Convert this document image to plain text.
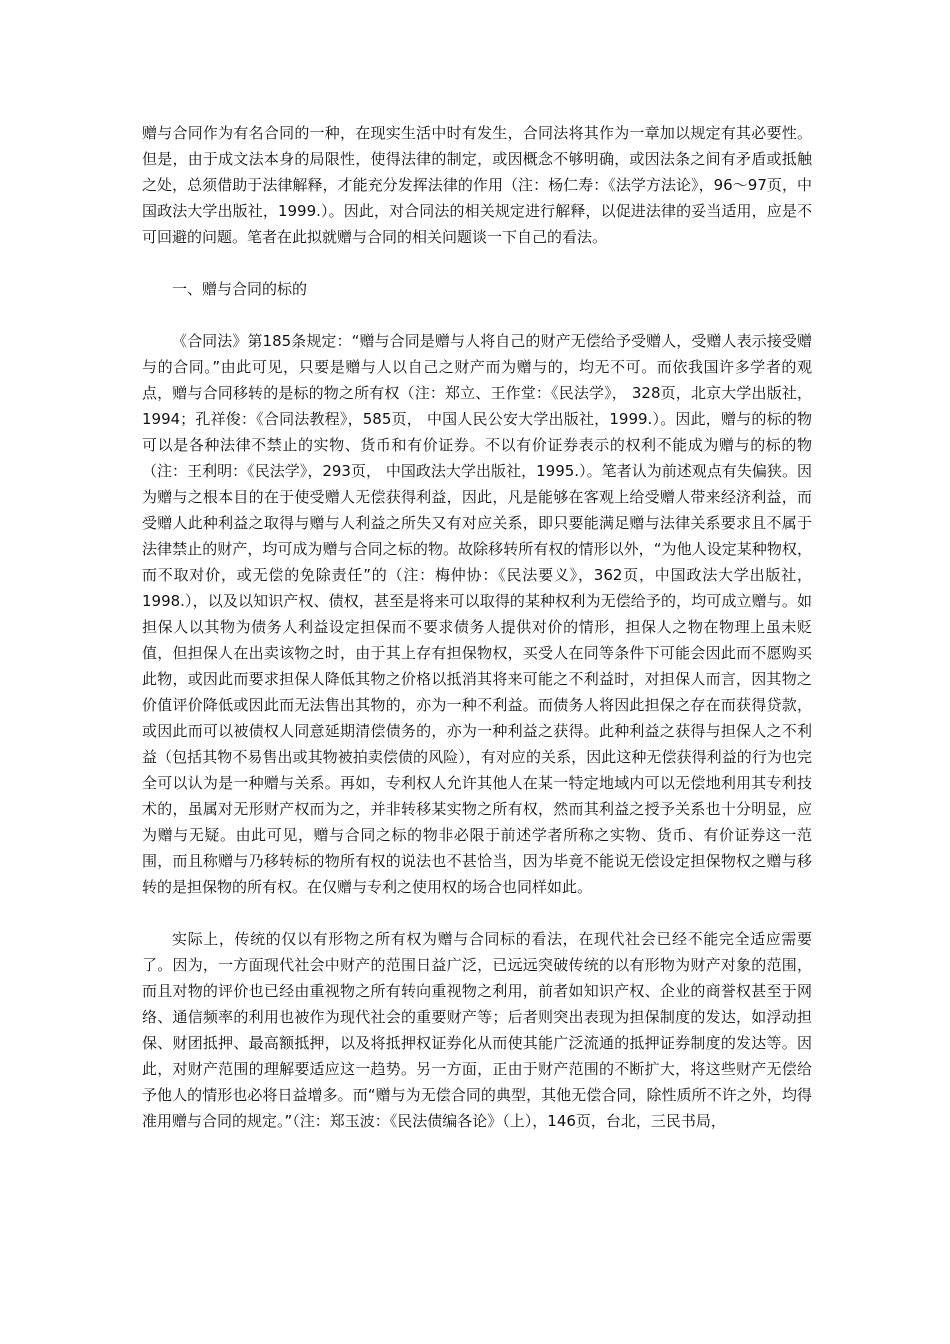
赠与合同作为有名合同的一种，在现实生活中时有发生，合同法将其作为一章加以规定有其必要性。但是，由于成文法本身的局限性，使得法律的制定，或因概念不够明确，或因法条之间有矛盾或抵触之处，总须借助于法律解释，才能充分发挥法律的作用（注：杨仁寿：《法学方法论》，96～97页，中国政法大学出版社，1999.）。因此，对合同法的相关规定进行解释，以促进法律的妥当适用，应是不可回避的问题。笔者在此拟就赠与合同的相关问题谈一下自己的看法。

一、赠与合同的标的

《合同法》第185条规定：“赠与合同是赠与人将自己的财产无偿给予受赠人，受赠人表示接受赠与的合同。”由此可见，只要是赠与人以自己之财产而为赠与的，均无不可。而依我国许多学者的观点，赠与合同移转的是标的物之所有权（注：郑立、王作堂：《民法学》， 328页，北京大学出版社，1994；孔祥俊：《合同法教程》，585页， 中国人民公安大学出版社，1999.）。因此，赠与的标的物可以是各种法律不禁止的实物、货币和有价证券。不以有价证券表示的权利不能成为赠与的标的物（注：王利明：《民法学》，293页， 中国政法大学出版社，1995.）。笔者认为前述观点有失偏狭。因为赠与之根本目的在于使受赠人无偿获得利益，因此，凡是能够在客观上给受赠人带来经济利益，而受赠人此种利益之取得与赠与人利益之所失又有对应关系，即只要能满足赠与法律关系要求且不属于法律禁止的财产，均可成为赠与合同之标的物。故除移转所有权的情形以外，“为他人设定某种物权，而不取对价，或无偿的免除责任”的（注：梅仲协：《民法要义》，362页，中国政法大学出版社，1998.），以及以知识产权、债权，甚至是将来可以取得的某种权利为无偿给予的，均可成立赠与。如担保人以其物为债务人利益设定担保而不要求债务人提供对价的情形，担保人之物在物理上虽未贬值，但担保人在出卖该物之时，由于其上存有担保物权，买受人在同等条件下可能会因此而不愿购买此物，或因此而要求担保人降低其物之价格以抵消其将来可能之不利益时，对担保人而言，因其物之价值评价降低或因此而无法售出其物的，亦为一种不利益。而债务人将因此担保之存在而获得贷款，或因此而可以被债权人同意延期清偿债务的，亦为一种利益之获得。此种利益之获得与担保人之不利益（包括其物不易售出或其物被拍卖偿债的风险），有对应的关系，因此这种无偿获得利益的行为也完全可以认为是一种赠与关系。再如，专利权人允许其他人在某一特定地域内可以无偿地利用其专利技术的，虽属对无形财产权而为之，并非转移某实物之所有权，然而其利益之授予关系也十分明显，应为赠与无疑。由此可见，赠与合同之标的物非必限于前述学者所称之实物、货币、有价证券这一范围，而且称赠与乃移转标的物所有权的说法也不甚恰当，因为毕竟不能说无偿设定担保物权之赠与移转的是担保物的所有权。在仅赠与专利之使用权的场合也同样如此。

实际上，传统的仅以有形物之所有权为赠与合同标的看法，在现代社会已经不能完全适应需要了。因为，一方面现代社会中财产的范围日益广泛，已远远突破传统的以有形物为财产对象的范围，而且对物的评价也已经由重视物之所有转向重视物之利用，前者如知识产权、企业的商誉权甚至于网络、通信频率的利用也被作为现代社会的重要财产等；后者则突出表现为担保制度的发达，如浮动担保、财团抵押、最高额抵押，以及将抵押权证券化从而使其能广泛流通的抵押证券制度的发达等。因此，对财产范围的理解要适应这一趋势。另一方面，正由于财产范围的不断扩大，将这些财产无偿给予他人的情形也必将日益增多。而“赠与为无偿合同的典型，其他无偿合同，除性质所不许之外，均得准用赠与合同的规定。”（注：郑玉波：《民法债编各论》（上），146页，台北，三民书局，
